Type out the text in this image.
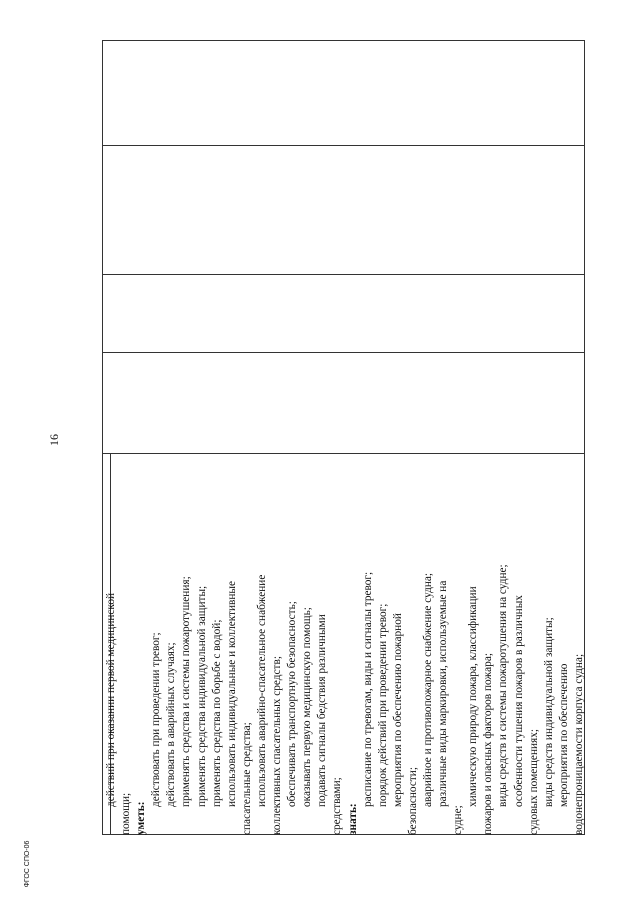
16
действий при оказании первой медицинской
помощи; уметь:
действовать при проведении тревог; действовать в аварийных случаях; применять средства и системы пожаротушения; применять средства индивидуальной защиты; применять средства по борьбе с водой; использовать индивидуальные и коллективные спасательные средства; использовать аварийно-спасательное снабжение коллективных спасательных средств; обеспечивать транспортную безопасность; оказывать первую медицинскую помощь; подавать сигналы бедствия различными средствами; знать:
расписание по тревогам, виды и сигналы тревог; порядок действий при проведении тревог; мероприятия по обеспечению пожарной безопасности; аварийное и противопожарное снабжение судна; различные виды маркировки, используемые на
судне;
химическую природу пожара, классификации пожаров и опасных факторов пожара; виды средств и системы пожаротушения на судне; особенности тушения пожаров в различных судовых помещениях; виды средств индивидуальной защиты; мероприятия по обеспечению водонепроницаемости корпуса судна;
ФГОС СПО-06
